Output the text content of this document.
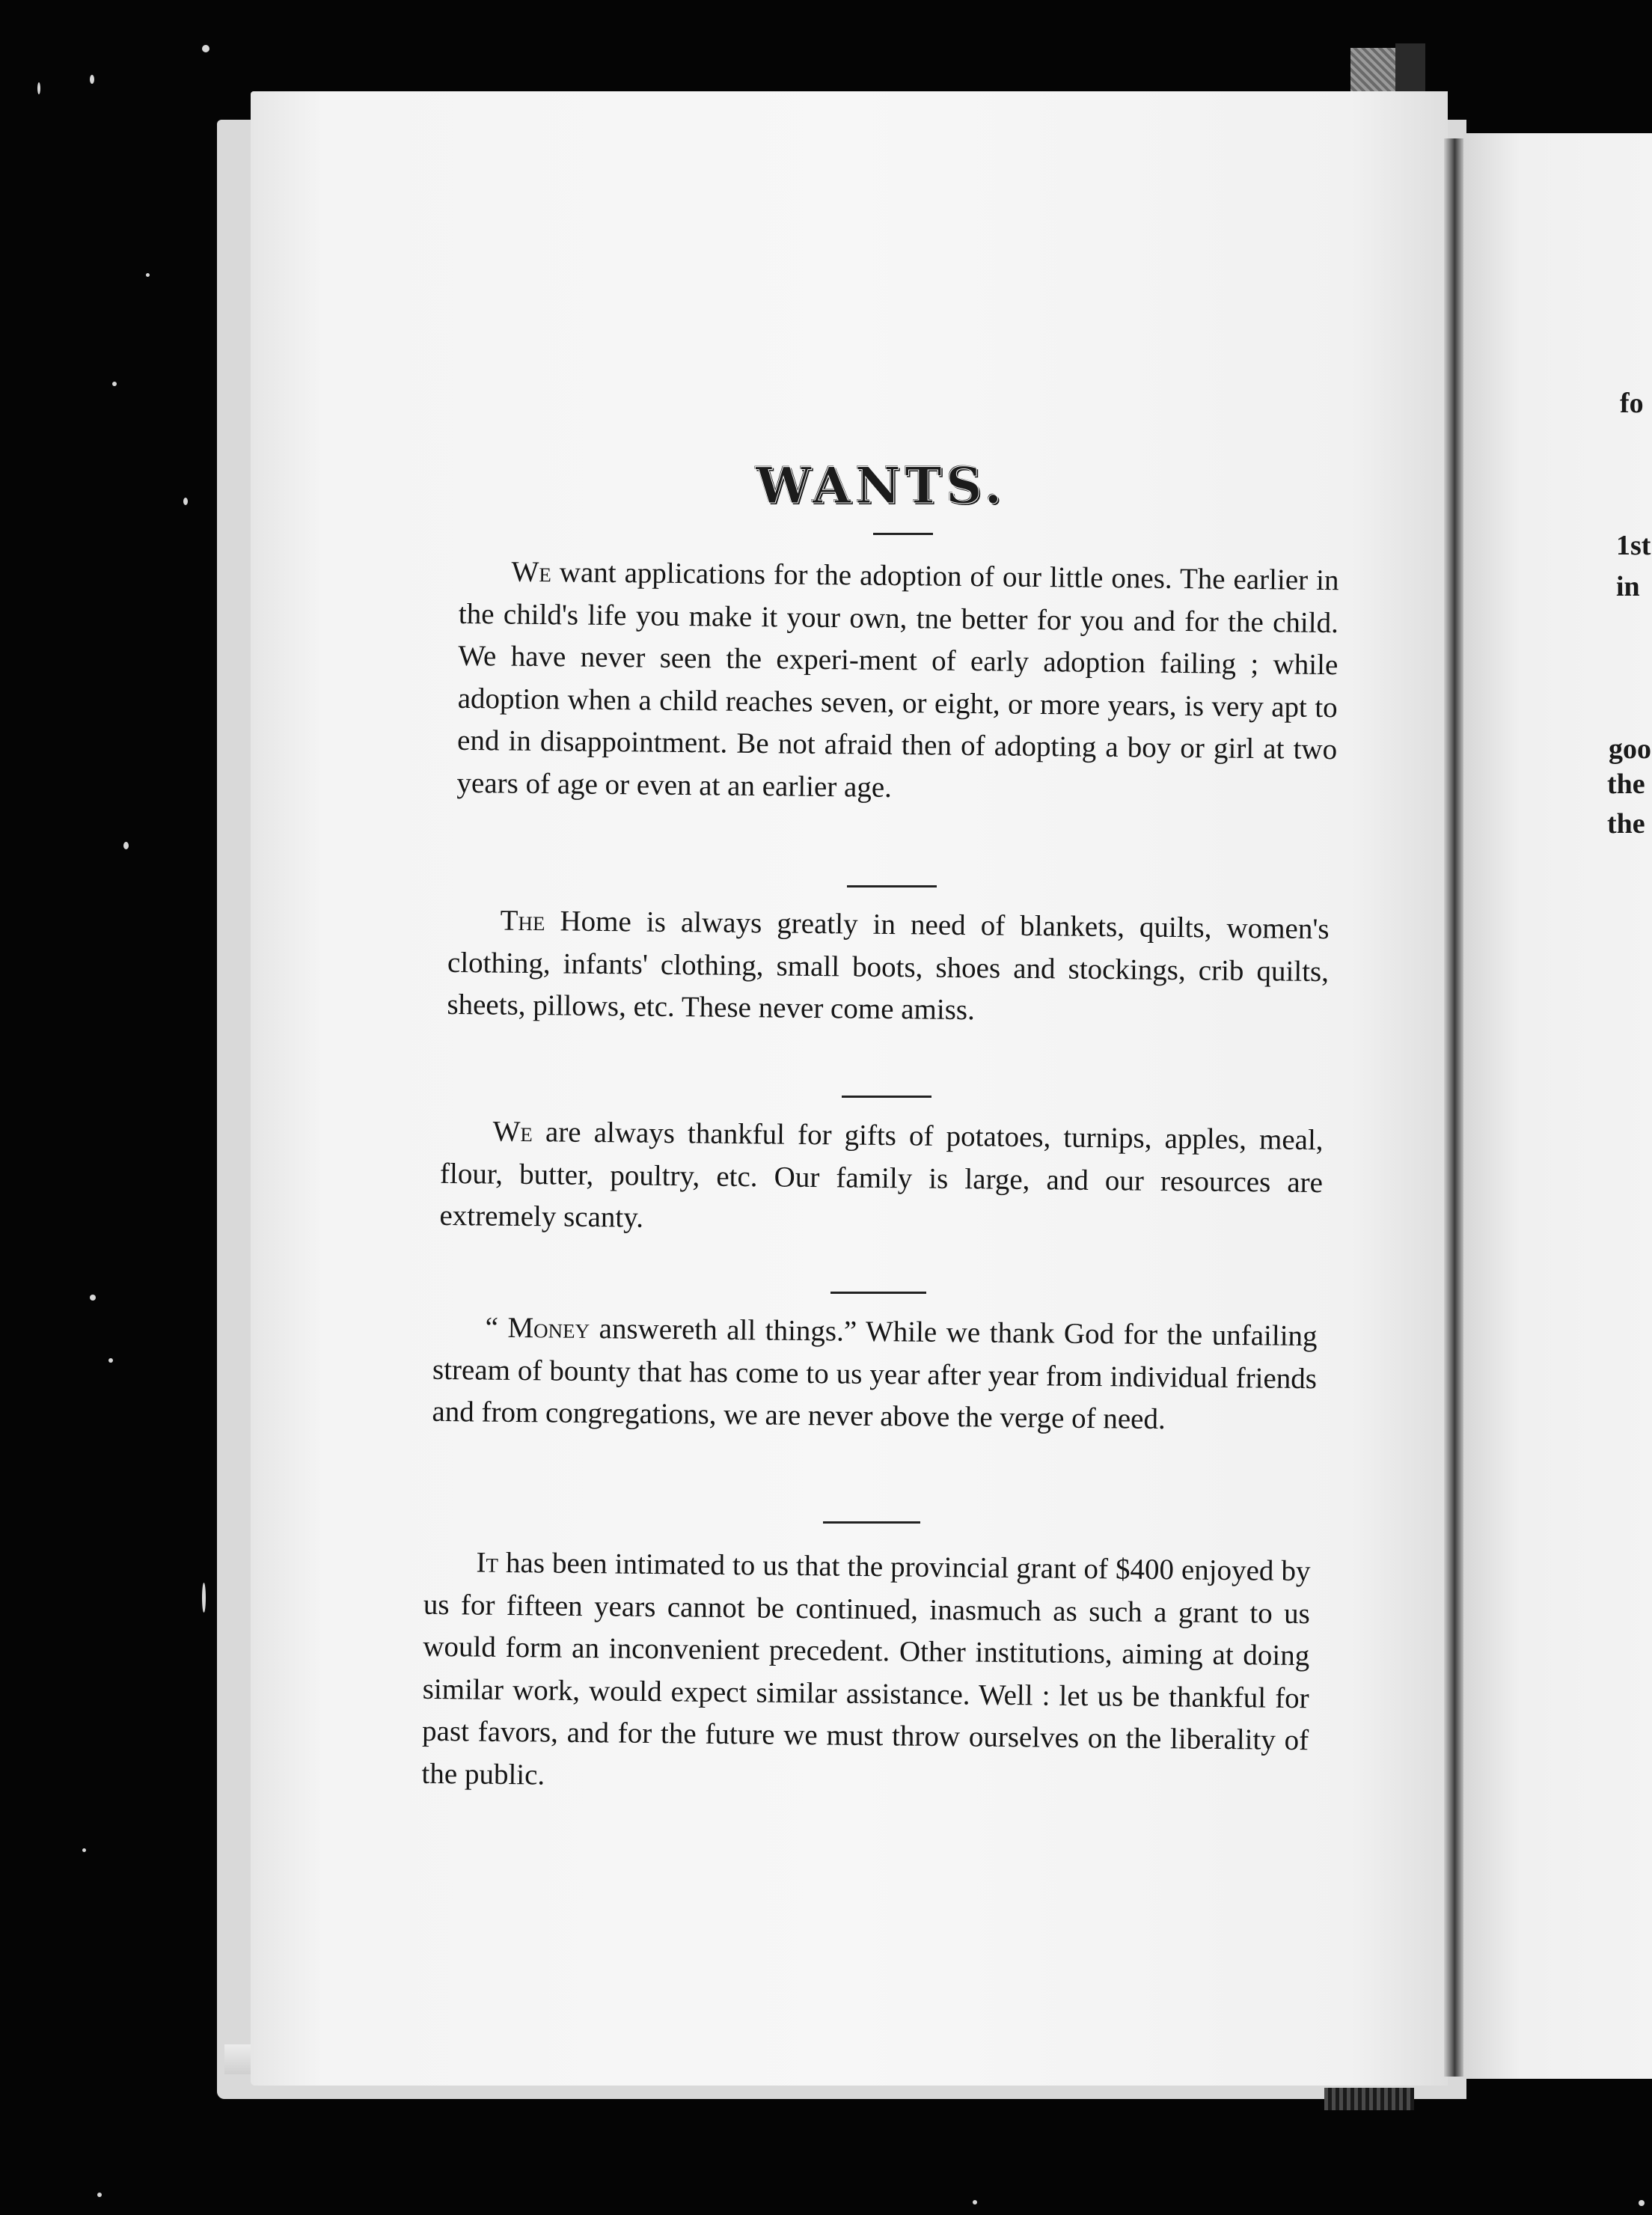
WANTS.
We want applications for the adoption of our little ones. The earlier in the child's life you make it your own, tne better for you and for the child. We have never seen the experi-ment of early adoption failing ; while adoption when a child reaches seven, or eight, or more years, is very apt to end in disappointment. Be not afraid then of adopting a boy or girl at two years of age or even at an earlier age.
The Home is always greatly in need of blankets, quilts, women's clothing, infants' clothing, small boots, shoes and stockings, crib quilts, sheets, pillows, etc. These never come amiss.
We are always thankful for gifts of potatoes, turnips, apples, meal, flour, butter, poultry, etc. Our family is large, and our resources are extremely scanty.
“ Money answereth all things.” While we thank God for the unfailing stream of bounty that has come to us year after year from individual friends and from congregations, we are never above the verge of need.
It has been intimated to us that the provincial grant of $400 enjoyed by us for fifteen years cannot be continued, inasmuch as such a grant to us would form an inconvenient precedent. Other institutions, aiming at doing similar work, would expect similar assistance. Well : let us be thankful for past favors, and for the future we must throw ourselves on the liberality of the public.
fo
1st
in
goo
the
the
